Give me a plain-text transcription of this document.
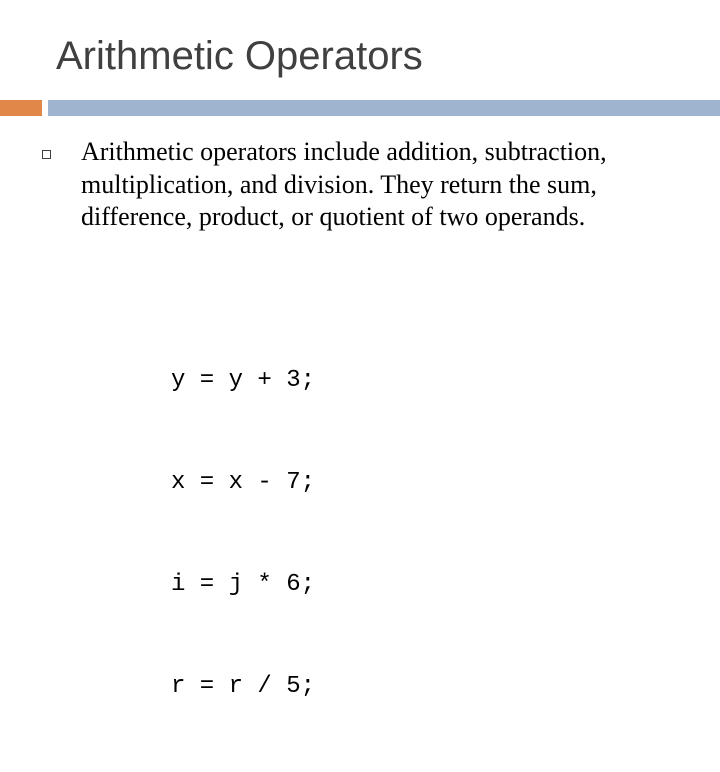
Arithmetic Operators
Arithmetic operators include addition, subtraction, multiplication, and division. They return the sum, difference, product, or quotient of two operands.

y = y + 3;

x = x - 7;

i = j * 6;

r = r / 5;
